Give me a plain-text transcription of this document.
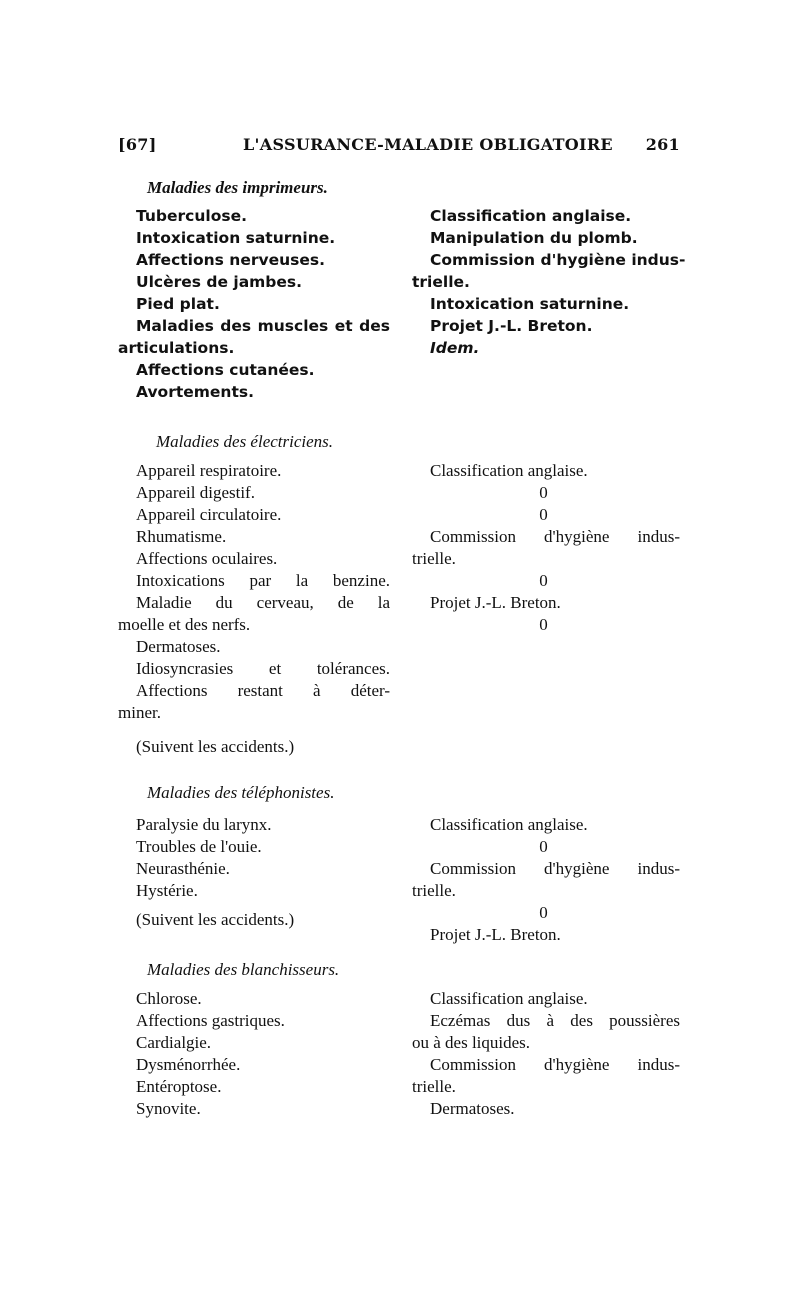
[67]	L'ASSURANCE-MALADIE OBLIGATOIRE 261
Maladies des imprimeurs.
Tuberculose.
Intoxication saturnine.
Affections nerveuses.
Ulcères de jambes.
Pied plat.
Maladies des muscles et des
articulations.
Affections cutanées.
Avortements.
Classification anglaise.
Manipulation du plomb.
Commission d'hygiène indus-
trielle.
Intoxication saturnine.
Projet J.-L. Breton.
Idem.
Maladies des électriciens.
Appareil respiratoire.
Appareil digestif.
Appareil circulatoire.
Rhumatisme.
Affections oculaires.
Intoxications par la benzine.
Maladie du cerveau, de la
moelle et des nerfs.
Dermatoses.
Idiosyncrasies et tolérances.
Affections restant à déter-
miner.
Classification anglaise.
0
0
Commission d'hygiène indus-
trielle.
0
Projet J.-L. Breton.
0
(Suivent les accidents.)
Maladies des téléphonistes.
Paralysie du larynx.
Troubles de l'ouie.
Neurasthénie.
Hystérie.
(Suivent les accidents.)
Classification anglaise.
0
Commission d'hygiène indus-
trielle.
0
Projet J.-L. Breton.
Maladies des blanchisseurs.
Chlorose.
Affections gastriques.
Cardialgie.
Dysménorrhée.
Entéroptose.
Synovite.
Classification anglaise.
Eczémas dus à des poussières
ou à des liquides.
Commission d'hygiène indus-
trielle.
Dermatoses.
